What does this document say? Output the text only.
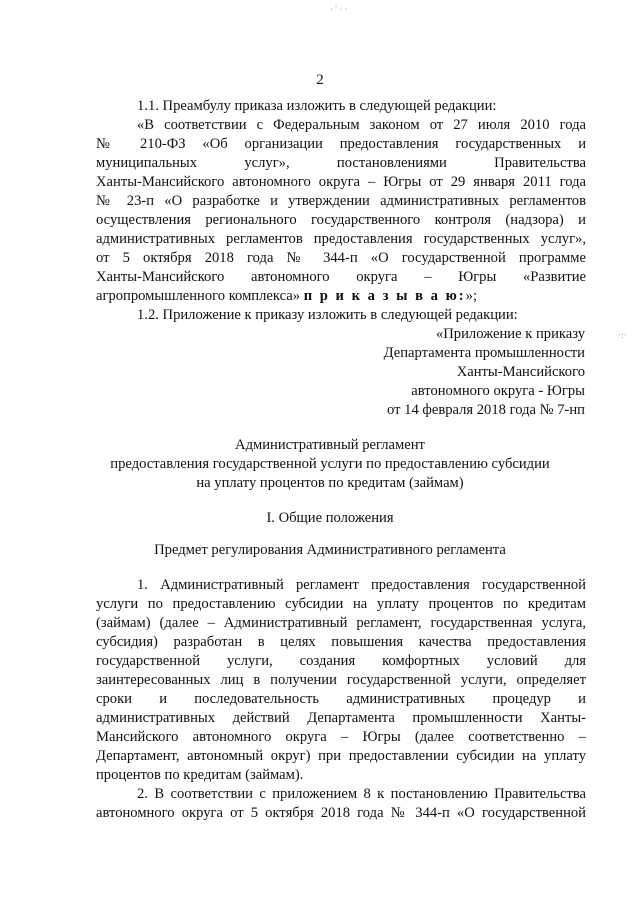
· ' · ·
2
1.1. Преамбулу приказа изложить в следующей редакции:
«В соответствии с Федеральным законом от 27 июля 2010 года
№ 210-ФЗ «Об организации предоставления государственных и
муниципальных услуг», постановлениями Правительства
Ханты-Мансийского автономного округа – Югры от 29 января 2011 года
№ 23-п «О разработке и утверждении административных регламентов
осуществления регионального государственного контроля (надзора) и
административных регламентов предоставления государственных услуг»,
от 5 октября 2018 года № 344-п «О государственной программе
Ханты-Мансийского автономного округа – Югры «Развитие
агропромышленного комплекса» п р и к а з ы в а ю:»;
1.2. Приложение к приказу изложить в следующей редакции:
«Приложение к приказу
Департамента промышленности
Ханты-Мансийского
автономного округа - Югры
от 14 февраля 2018 года № 7-нп
·:·
Административный регламент
предоставления государственной услуги по предоставлению субсидии
на уплату процентов по кредитам (займам)
I. Общие положения
Предмет регулирования Административного регламента
1. Административный регламент предоставления государственной
услуги по предоставлению субсидии на уплату процентов по кредитам
(займам) (далее – Административный регламент, государственная услуга,
субсидия) разработан в целях повышения качества предоставления
государственной услуги, создания комфортных условий для
заинтересованных лиц в получении государственной услуги, определяет
сроки и последовательность административных процедур и
административных действий Департамента промышленности Ханты-
Мансийского автономного округа – Югры (далее соответственно –
Департамент, автономный округ) при предоставлении субсидии на уплату
процентов по кредитам (займам).
2. В соответствии с приложением 8 к постановлению Правительства
автономного округа от 5 октября 2018 года № 344-п «О государственной
